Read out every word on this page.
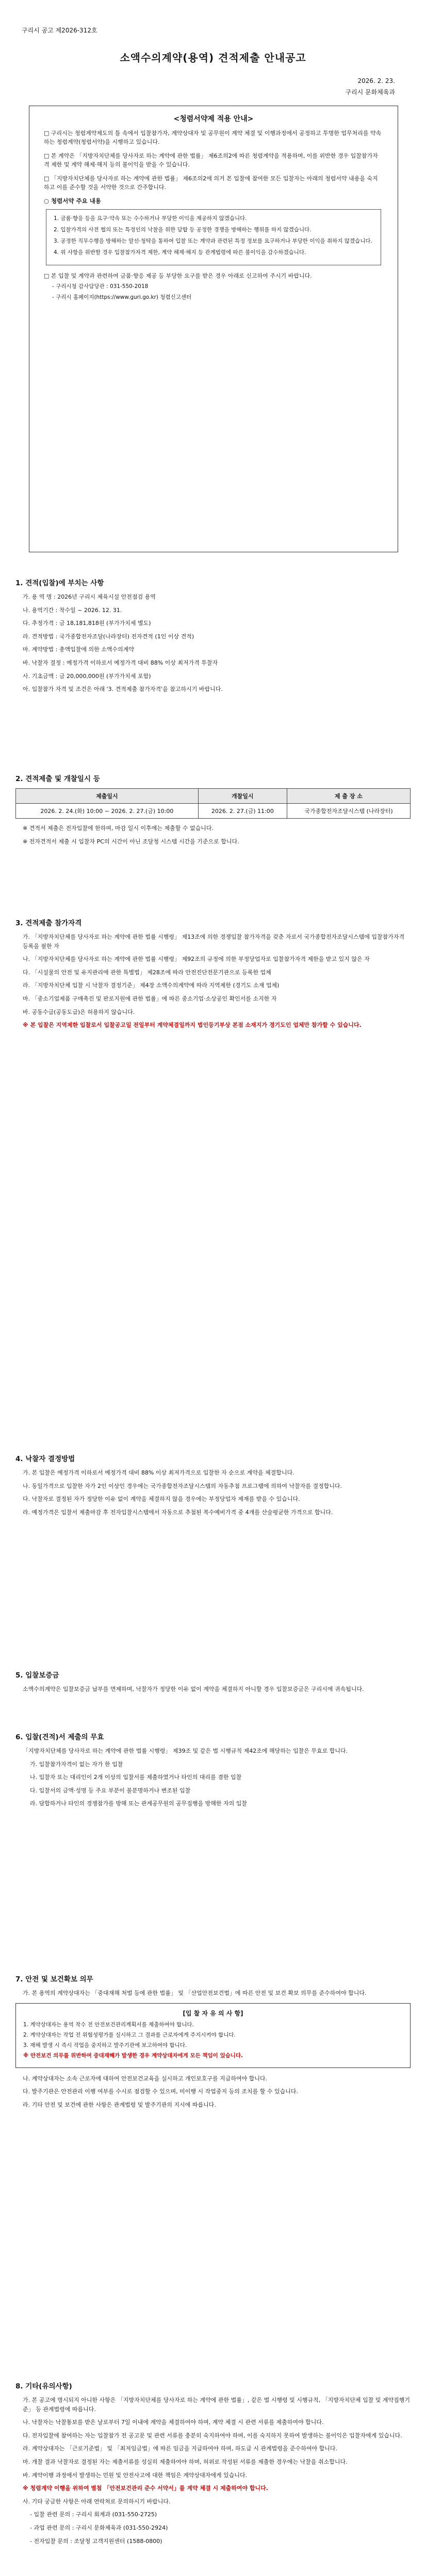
구리시 공고 제2026-312호
소액수의계약(용역) 견적제출 안내공고
2026. 2. 23.
구리시 문화체육과
<청렴서약제 적용 안내>

□ 구리시는 청렴계약제도의 틀 속에서 입찰참가자, 계약상대자 및 공무원이 계약 체결 및 이행과정에서 공정하고 투명한 업무처리를 약속하는 청렴계약(청렴서약)을 시행하고 있습니다.

□ 본 계약은 「지방자치단체를 당사자로 하는 계약에 관한 법률」 제6조의2에 따른 청렴계약을 적용하며, 이를 위반한 경우 입찰참가자격 제한 및 계약 해제·해지 등의 불이익을 받을 수 있습니다.

□ 「지방자치단체를 당사자로 하는 계약에 관한 법률」 제6조의2에 의거 본 입찰에 참여한 모든 입찰자는 아래의 청렴서약 내용을 숙지하고 이를 준수할 것을 서약한 것으로 간주합니다.

○ 청렴서약 주요 내용

1. 금품·향응 등을 요구·약속 또는 수수하거나 부당한 이익을 제공하지 않겠습니다.

2. 입찰가격의 사전 협의 또는 특정인의 낙찰을 위한 담합 등 공정한 경쟁을 방해하는 행위를 하지 않겠습니다.

3. 공정한 직무수행을 방해하는 알선·청탁을 통하여 입찰 또는 계약과 관련된 특정 정보를 요구하거나 부당한 이익을 취하지 않겠습니다.

4. 위 사항을 위반할 경우 입찰참가자격 제한, 계약 해제·해지 등 관계법령에 따른 불이익을 감수하겠습니다.

□ 본 입찰 및 계약과 관련하여 금품·향응 제공 등 부당한 요구를 받은 경우 아래로 신고하여 주시기 바랍니다.

- 구리시청 감사담당관 : 031-550-2018
- 구리시 홈페이지(https://www.guri.go.kr) 청렴신고센터
1. 견적(입찰)에 부치는 사항

가. 용 역 명 : 2026년 구리시 체육시설 안전점검 용역

나. 용역기간 : 착수일 ~ 2026. 12. 31.

다. 추정가격 : 금 18,181,818원 (부가가치세 별도)

라. 견적방법 : 국가종합전자조달(나라장터) 전자견적 (1인 이상 견적)

마. 계약방법 : 총액입찰에 의한 소액수의계약

바. 낙찰자 결정 : 예정가격 이하로서 예정가격 대비 88% 이상 최저가격 투찰자

사. 기초금액 : 금 20,000,000원 (부가가치세 포함)

아. 입찰참가 자격 및 조건은 아래 '3. 견적제출 참가자격'을 참고하시기 바랍니다.

2. 견적제출 및 개찰일시 등
제출일시	개찰일시	제 출 장 소
2026. 2. 24.(화) 10:00 ~ 2026. 2. 27.(금) 10:00	2026. 2. 27.(금) 11:00	국가종합전자조달시스템 (나라장터)

※ 견적서 제출은 전자입찰에 한하며, 마감 일시 이후에는 제출할 수 없습니다.

※ 전자견적서 제출 시 입찰자 PC의 시간이 아닌 조달청 시스템 시간을 기준으로 합니다.

3. 견적제출 참가자격

가. 「지방자치단체를 당사자로 하는 계약에 관한 법률 시행령」 제13조에 의한 경쟁입찰 참가자격을 갖춘 자로서 국가종합전자조달시스템에 입찰참가자격 등록을 필한 자

나. 「지방자치단체를 당사자로 하는 계약에 관한 법률 시행령」 제92조의 규정에 의한 부정당업자로 입찰참가자격 제한을 받고 있지 않은 자

다. 「시설물의 안전 및 유지관리에 관한 특별법」 제28조에 따라 안전진단전문기관으로 등록한 업체

라. 「지방자치단체 입찰 시 낙찰자 결정기준」 제4장 소액수의계약에 따라 지역제한 (경기도 소재 업체)

마. 「중소기업제품 구매촉진 및 판로지원에 관한 법률」에 따른 중소기업·소상공인 확인서를 소지한 자

바. 공동수급(공동도급)은 허용하지 않습니다.

※ 본 입찰은 지역제한 입찰로서 입찰공고일 전일부터 계약체결일까지 법인등기부상 본점 소재지가 경기도인 업체만 참가할 수 있습니다.

4. 낙찰자 결정방법

가. 본 입찰은 예정가격 이하로서 예정가격 대비 88% 이상 최저가격으로 입찰한 자 순으로 계약을 체결합니다.

나. 동일가격으로 입찰한 자가 2인 이상인 경우에는 국가종합전자조달시스템의 자동추첨 프로그램에 의하여 낙찰자를 결정합니다.

다. 낙찰자로 결정된 자가 정당한 이유 없이 계약을 체결하지 않을 경우에는 부정당업자 제재를 받을 수 있습니다.

라. 예정가격은 입찰서 제출마감 후 전자입찰시스템에서 자동으로 추첨된 복수예비가격 중 4개를 산술평균한 가격으로 합니다.

5. 입찰보증금

소액수의계약은 입찰보증금 납부를 면제하며, 낙찰자가 정당한 이유 없이 계약을 체결하지 아니할 경우 입찰보증금은 구리시에 귀속됩니다.

6. 입찰(견적)서 제출의 무효

「지방자치단체를 당사자로 하는 계약에 관한 법률 시행령」 제39조 및 같은 법 시행규칙 제42조에 해당하는 입찰은 무효로 합니다.

가. 입찰참가자격이 없는 자가 한 입찰

나. 입찰자 또는 대리인이 2개 이상의 입찰서를 제출하였거나 타인의 대리를 겸한 입찰

다. 입찰서의 금액·성명 등 주요 부분이 불분명하거나 변조된 입찰

라. 담합하거나 타인의 경쟁참가를 방해 또는 관계공무원의 공무집행을 방해한 자의 입찰

7. 안전 및 보건확보 의무

가. 본 용역의 계약상대자는 「중대재해 처벌 등에 관한 법률」 및 「산업안전보건법」에 따른 안전 및 보건 확보 의무를 준수하여야 합니다.

[입 찰 자 유 의 사 항]

1. 계약상대자는 용역 착수 전 안전보건관리계획서를 제출하여야 합니다.

2. 계약상대자는 작업 전 위험성평가를 실시하고 그 결과를 근로자에게 주지시켜야 합니다.

3. 재해 발생 시 즉시 작업을 중지하고 발주기관에 보고하여야 합니다.

※ 안전보건 의무를 위반하여 중대재해가 발생한 경우 계약상대자에게 모든 책임이 있습니다.

나. 계약상대자는 소속 근로자에 대하여 안전보건교육을 실시하고 개인보호구를 지급하여야 합니다.

다. 발주기관은 안전관리 이행 여부를 수시로 점검할 수 있으며, 미이행 시 작업중지 등의 조치를 할 수 있습니다.

라. 기타 안전 및 보건에 관한 사항은 관계법령 및 발주기관의 지시에 따릅니다.

8. 기타(유의사항)

가. 본 공고에 명시되지 아니한 사항은 「지방자치단체를 당사자로 하는 계약에 관한 법률」, 같은 법 시행령 및 시행규칙, 「지방자치단체 입찰 및 계약집행기준」 등 관계법령에 따릅니다.

나. 낙찰자는 낙찰통보를 받은 날로부터 7일 이내에 계약을 체결하여야 하며, 계약 체결 시 관련 서류를 제출하여야 합니다.

다. 전자입찰에 참여하는 자는 입찰참가 전 공고문 및 관련 서류를 충분히 숙지하여야 하며, 이를 숙지하지 못하여 발생하는 불이익은 입찰자에게 있습니다.

라. 계약상대자는 「근로기준법」 및 「최저임금법」에 따른 임금을 지급하여야 하며, 하도급 시 관계법령을 준수하여야 합니다.

마. 개찰 결과 낙찰자로 결정된 자는 제출서류를 성실히 제출하여야 하며, 허위로 작성된 서류를 제출한 경우에는 낙찰을 취소합니다.

바. 계약이행 과정에서 발생하는 민원 및 안전사고에 대한 책임은 계약상대자에게 있습니다.

※ 청렴계약 이행을 위하여 별첨 「안전보건관리 준수 서약서」를 계약 체결 시 제출하여야 합니다.

사. 기타 궁금한 사항은 아래 연락처로 문의하시기 바랍니다.

- 입찰 관련 문의 : 구리시 회계과 (031-550-2725)

- 과업 관련 문의 : 구리시 문화체육과 (031-550-2924)

- 전자입찰 문의 : 조달청 고객지원센터 (1588-0800)
